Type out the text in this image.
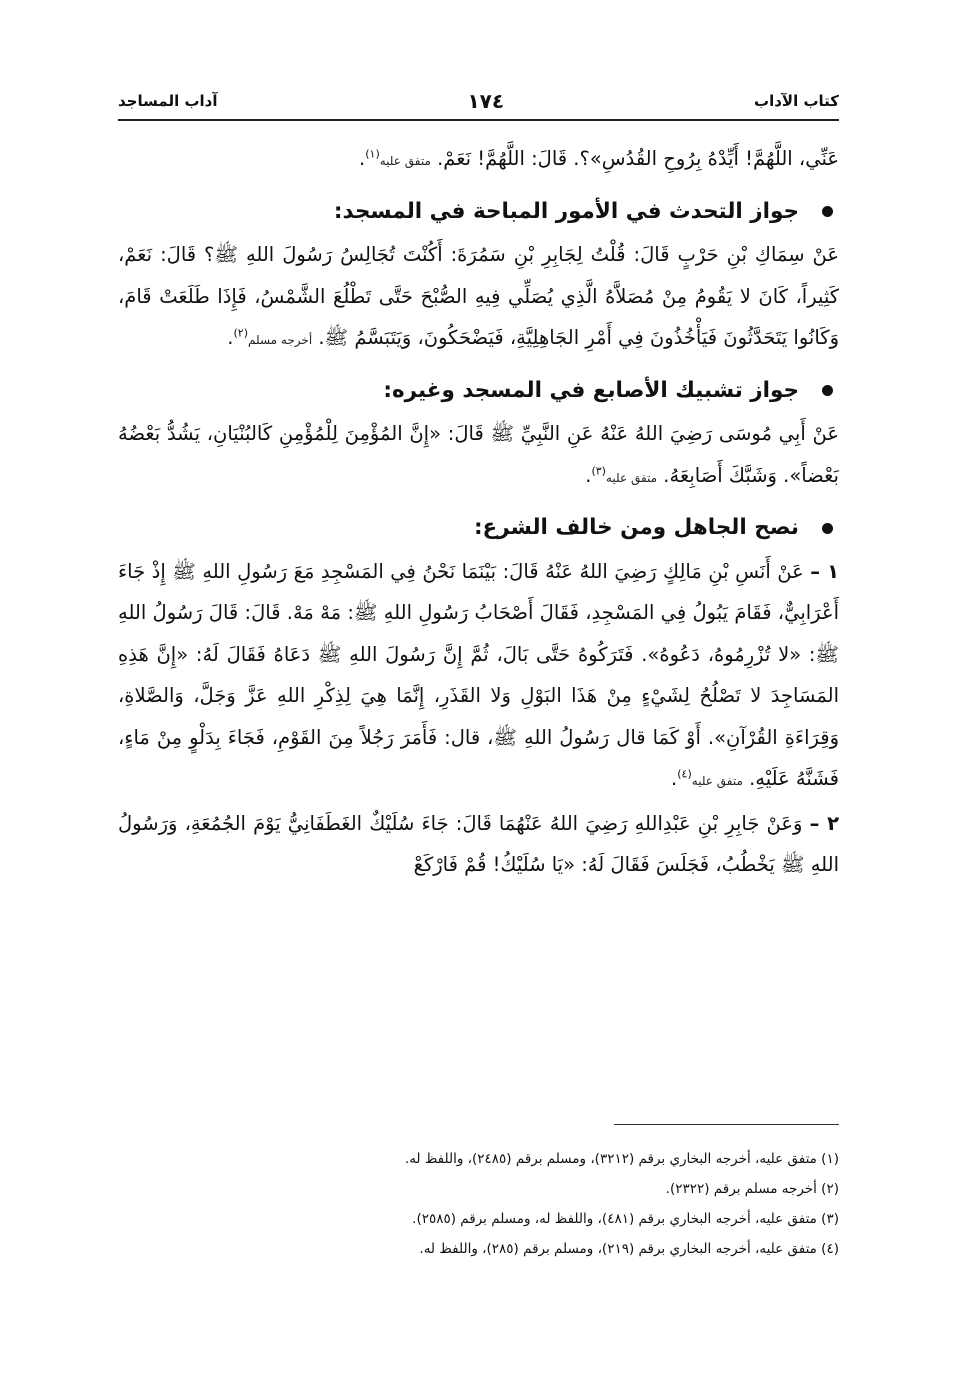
كتاب الآداب
١٧٤
آداب المساجد

عَنِّي، اللَّهُمَّ! أَيِّدْهُ بِرُوحِ القُدُسِ»؟. قَالَ: اللَّهُمَّ! نَعَمْ. متفق عليه$^{(١)}$.

جواز التحدث في الأمور المباحة في المسجد:

عَنْ سِمَاكِ بْنِ حَرْبٍ قَالَ: قُلْتُ لِجَابِرِ بْنِ سَمُرَةَ: أَكُنْتَ تُجَالِسُ رَسُولَ اللهِ ﷺ؟ قَالَ: نَعَمْ، كَثِيراً، كَانَ لا يَقُومُ مِنْ مُصَلاَّهُ الَّذِي يُصَلِّي فِيهِ الصُّبْحَ حَتَّى تَطْلُعَ الشَّمْسُ، فَإِذَا طَلَعَتْ قَامَ، وَكَانُوا يَتَحَدَّثُونَ فَيَأْخُذُونَ فِي أَمْرِ الجَاهِلِيَّةِ، فَيَضْحَكُونَ، وَيَتَبَسَّمُ ﷺ. أخرجه مسلم$^{(٢)}$.

جواز تشبيك الأصابع في المسجد وغيره:

عَنْ أَبِي مُوسَى رَضِيَ اللهُ عَنْهُ عَنِ النَّبِيِّ ﷺ قَالَ: «إِنَّ المُؤْمِنَ لِلْمُؤْمِنِ كَالبُنْيَانِ، يَشُدُّ بَعْضُهُ بَعْضاً». وَشَبَّكَ أَصَابِعَهُ. متفق عليه$^{(٣)}$.

نصح الجاهل ومن خالف الشرع:

١ – عَنْ أَنَسِ بْنِ مَالِكٍ رَضِيَ اللهُ عَنْهُ قَالَ: بَيْنَمَا نَحْنُ فِي المَسْجِدِ مَعَ رَسُولِ اللهِ ﷺ إِذْ جَاءَ أَعْرَابِيٌّ، فَقَامَ يَبُولُ فِي المَسْجِدِ، فَقَالَ أَصْحَابُ رَسُولِ اللهِ ﷺ: مَهْ مَهْ. قَالَ: قَالَ رَسُولُ اللهِ ﷺ: «لا تُزْرِمُوهُ، دَعُوهُ». فَتَرَكُوهُ حَتَّى بَالَ، ثُمَّ إِنَّ رَسُولَ اللهِ ﷺ دَعَاهُ فَقَالَ لَهُ: «إِنَّ هَذِهِ المَسَاجِدَ لا تَصْلُحُ لِشَيْءٍ مِنْ هَذَا البَوْلِ وَلا القَذَرِ، إِنَّمَا هِيَ لِذِكْرِ اللهِ عَزَّ وَجَلَّ، وَالصَّلاةِ، وَقِرَاءَةِ القُرْآنِ». أَوْ كَمَا قال رَسُولُ اللهِ ﷺ، قال: فَأَمَرَ رَجُلاً مِنَ القَوْمِ، فَجَاءَ بِدَلْوٍ مِنْ مَاءٍ، فَشَنَّهُ عَلَيْهِ. متفق عليه$^{(٤)}$.

٢ – وَعَنْ جَابِرِ بْنِ عَبْدِاللهِ رَضِيَ اللهُ عَنْهُمَا قَالَ: جَاءَ سُلَيْكٌ الغَطَفَانِيُّ يَوْمَ الجُمُعَةِ، وَرَسُولُ اللهِ ﷺ يَخْطُبُ، فَجَلَسَ فَقَالَ لَهُ: «يَا سُلَيْكُ! قُمْ فَارْكَعْ

(١) متفق عليه، أخرجه البخاري برقم (٣٢١٢)، ومسلم برقم (٢٤٨٥)، واللفظ له.
(٢) أخرجه مسلم برقم (٢٣٢٢).
(٣) متفق عليه، أخرجه البخاري برقم (٤٨١)، واللفظ له، ومسلم برقم (٢٥٨٥).
(٤) متفق عليه، أخرجه البخاري برقم (٢١٩)، ومسلم برقم (٢٨٥)، واللفظ له.
